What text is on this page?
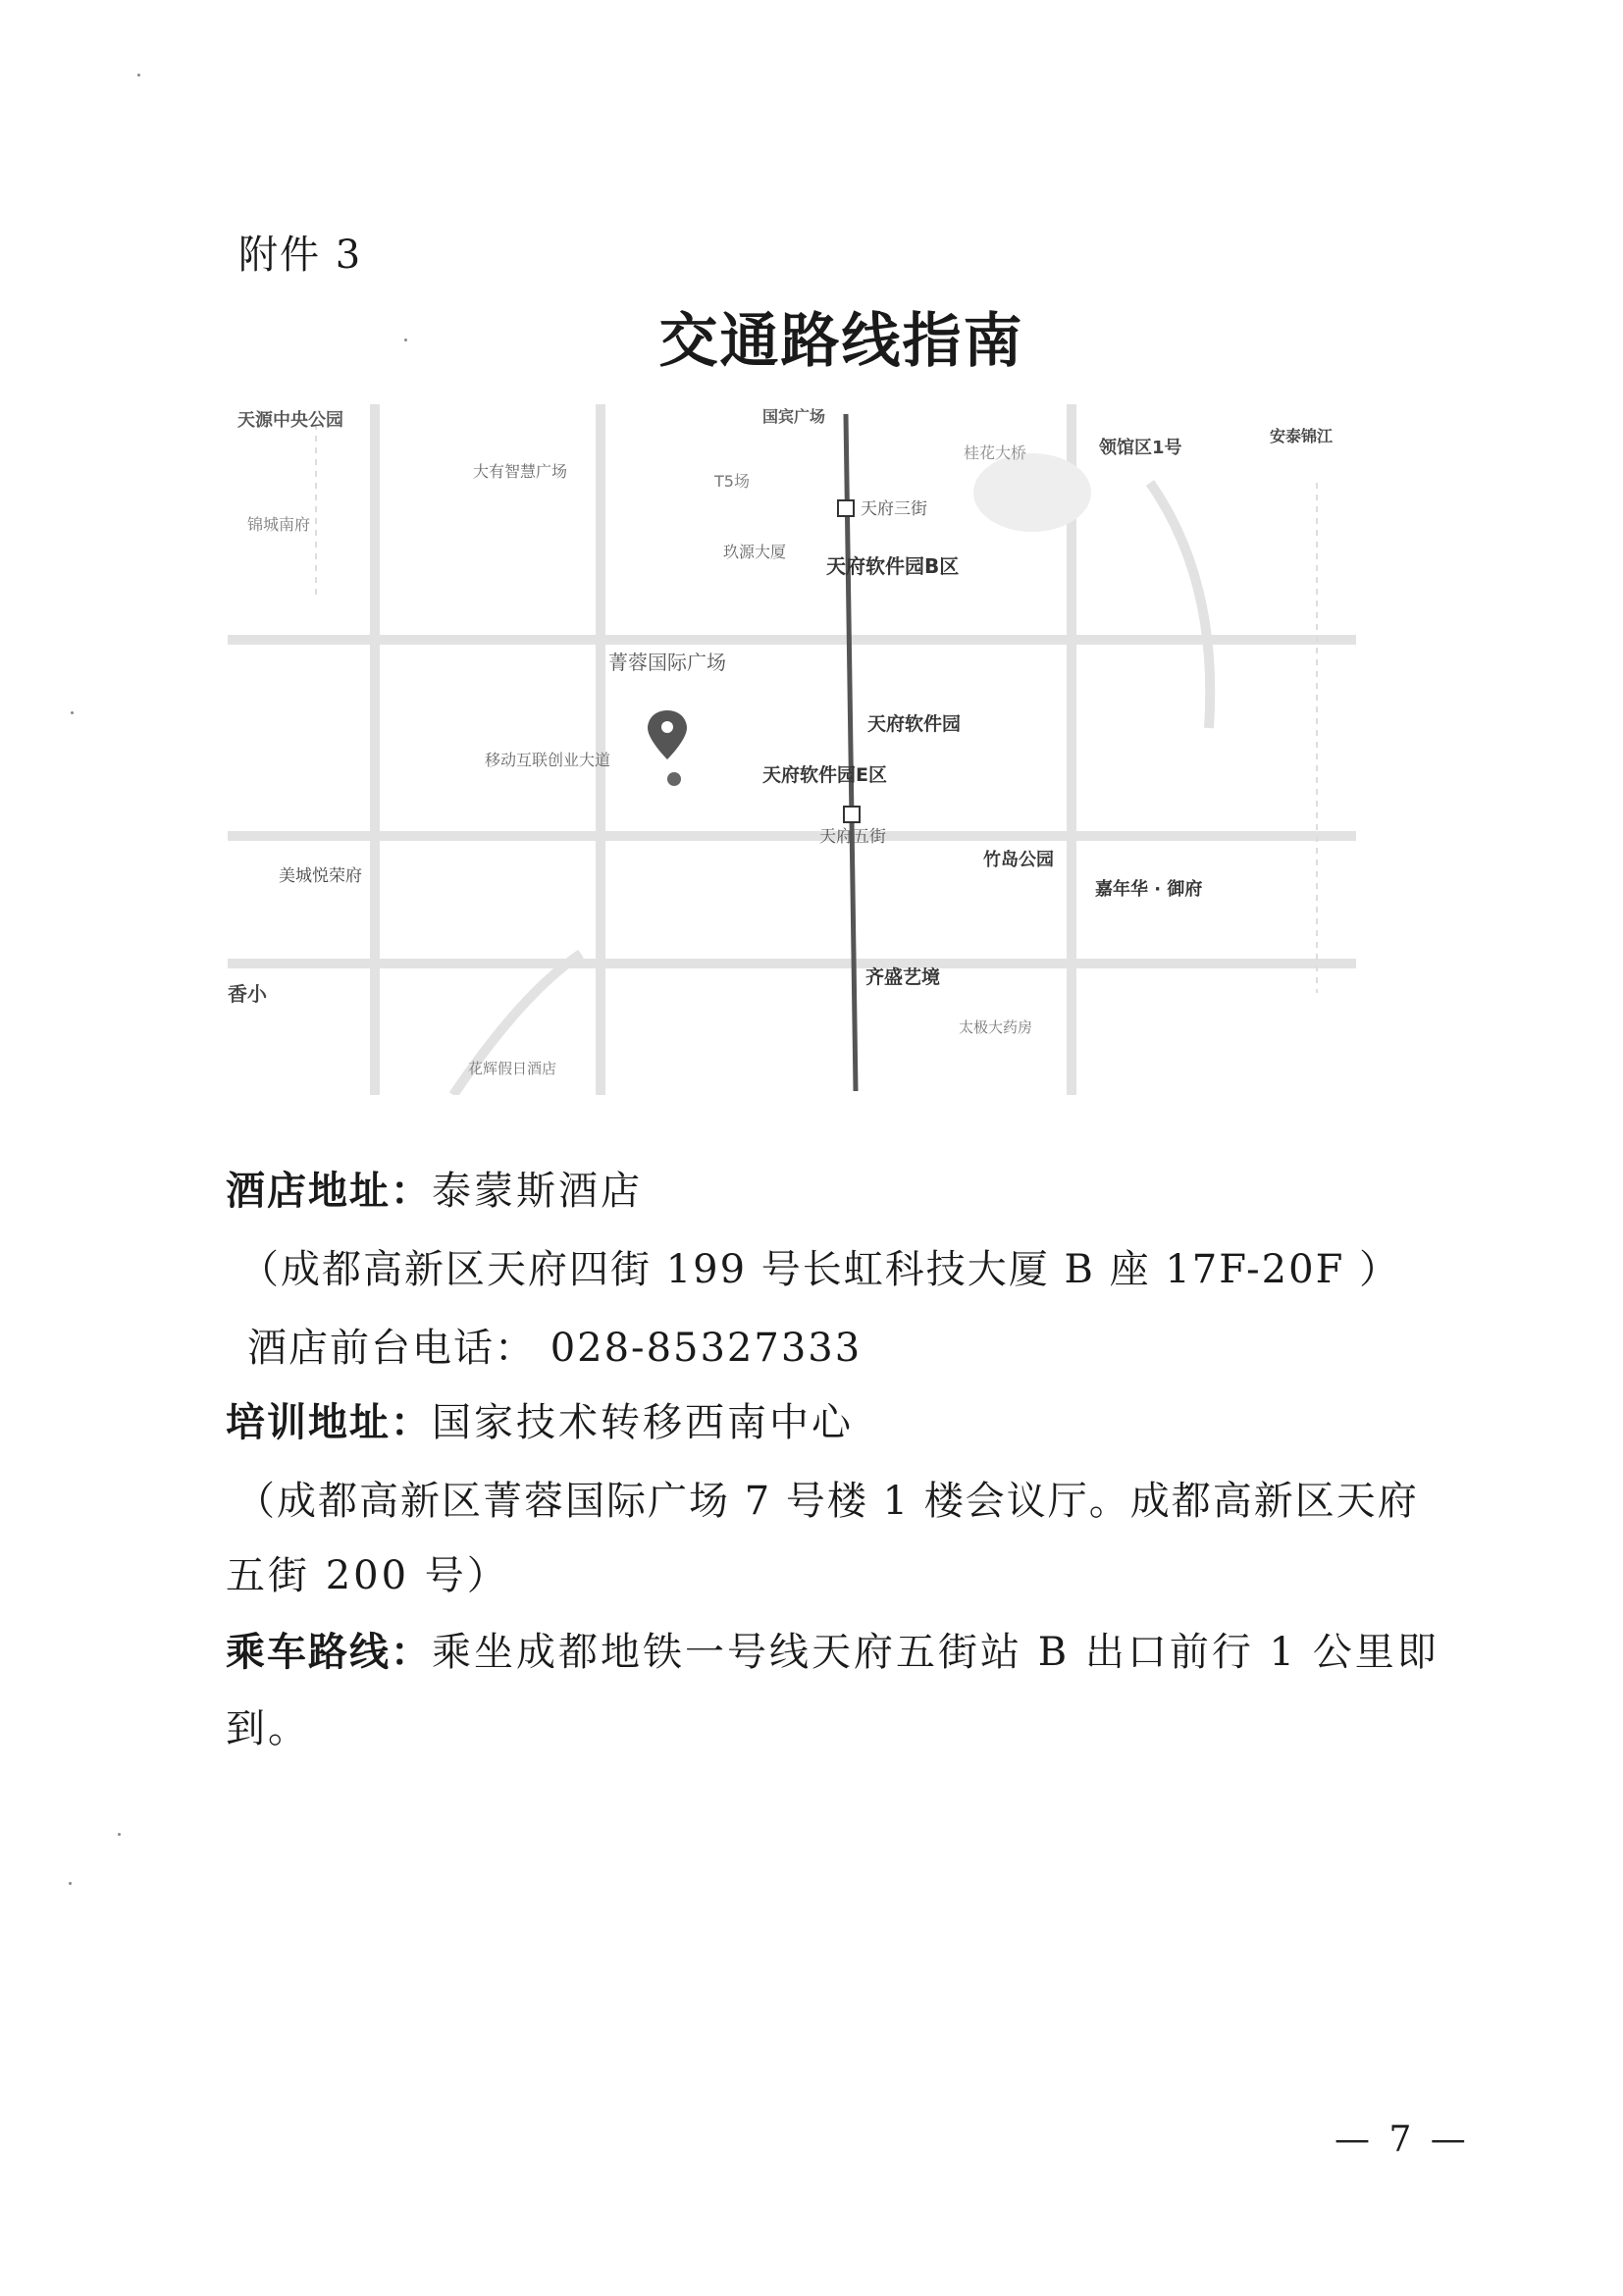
附件 3
交通路线指南
天源中央公园	国宾广场
桂花大桥	领馆区1号
安泰锦江
大有智慧广场
T5场
天府三街
锦城南府
玖源大厦
天府软件园B区
菁蓉国际广场
天府软件园
移动互联创业大道
天府软件园E区
天府五街
美城悦荣府
竹岛公园
嘉年华 · 御府
齐盛艺境
花辉假日酒店
太极大药房
香小
酒店地址：泰蒙斯酒店
（成都高新区天府四街 199 号长虹科技大厦 B 座 17F-20F ）
酒店前台电话： 028-85327333
培训地址：国家技术转移西南中心
（成都高新区菁蓉国际广场 7 号楼 1 楼会议厅。成都高新区天府
五街 200 号）
乘车路线：乘坐成都地铁一号线天府五街站 B 出口前行 1 公里即
到。
— 7 —
